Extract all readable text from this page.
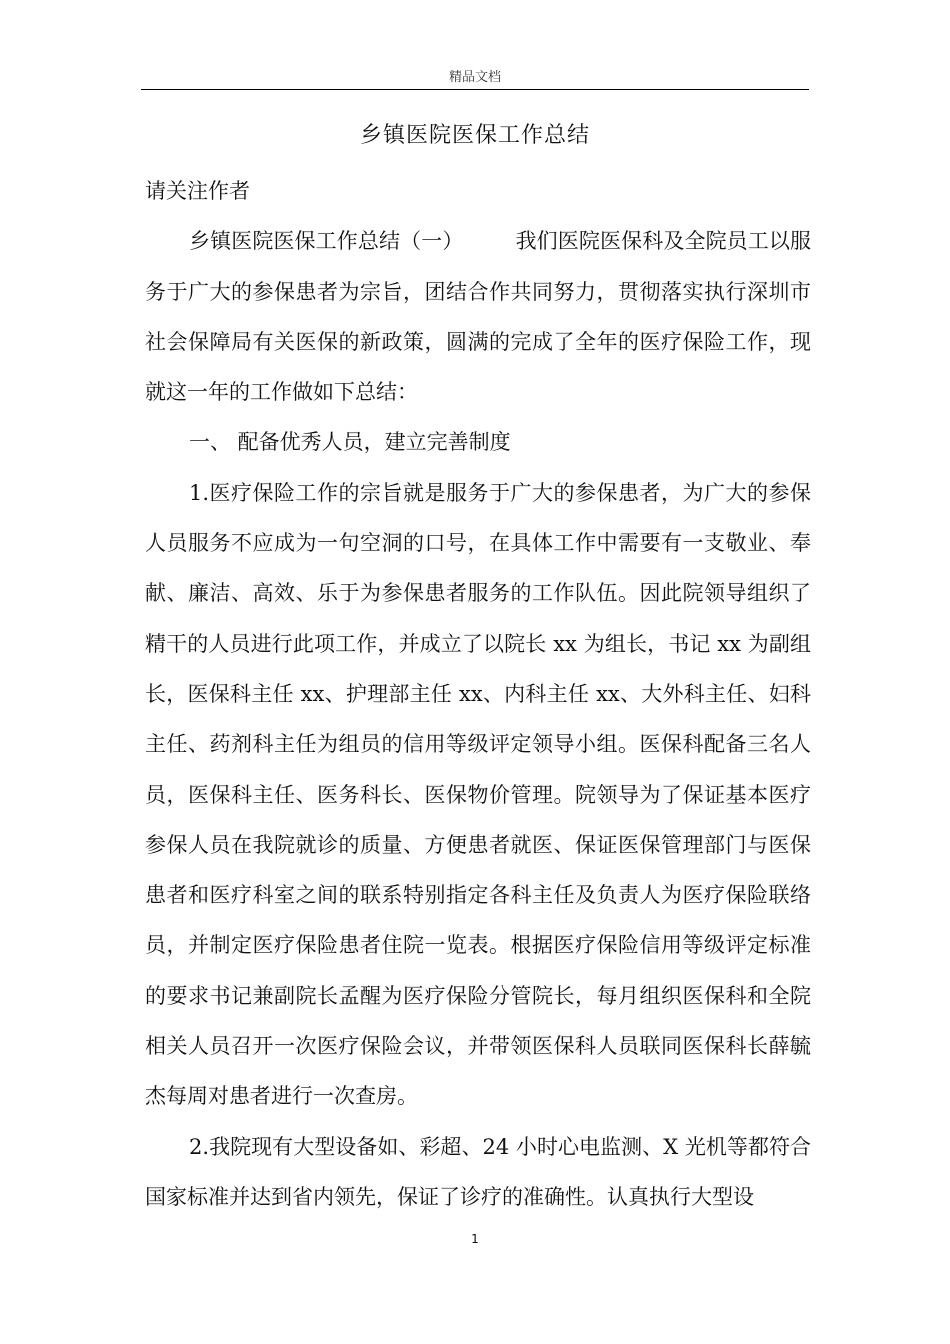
精品文档
乡镇医院医保工作总结

请关注作者

乡镇医院医保工作总结（一） 我们医院医保科及全院员工以服务于广大的参保患者为宗旨，团结合作共同努力，贯彻落实执行深圳市社会保障局有关医保的新政策，圆满的完成了全年的医疗保险工作，现就这一年的工作做如下总结：

一、 配备优秀人员，建立完善制度

1.医疗保险工作的宗旨就是服务于广大的参保患者，为广大的参保人员服务不应成为一句空洞的口号，在具体工作中需要有一支敬业、奉献、廉洁、高效、乐于为参保患者服务的工作队伍。因此院领导组织了精干的人员进行此项工作，并成立了以院长 xx 为组长，书记 xx 为副组长，医保科主任 xx、护理部主任 xx、内科主任 xx、大外科主任、妇科主任、药剂科主任为组员的信用等级评定领导小组。医保科配备三名人员，医保科主任、医务科长、医保物价管理。院领导为了保证基本医疗参保人员在我院就诊的质量、方便患者就医、保证医保管理部门与医保患者和医疗科室之间的联系特别指定各科主任及负责人为医疗保险联络员，并制定医疗保险患者住院一览表。根据医疗保险信用等级评定标准的要求书记兼副院长孟醒为医疗保险分管院长，每月组织医保科和全院相关人员召开一次医疗保险会议，并带领医保科人员联同医保科长薛毓杰每周对患者进行一次查房。

2.我院现有大型设备如、彩超、24 小时心电监测、X 光机等都符合国家标准并达到省内领先，保证了诊疗的准确性。认真执行大型设

1
